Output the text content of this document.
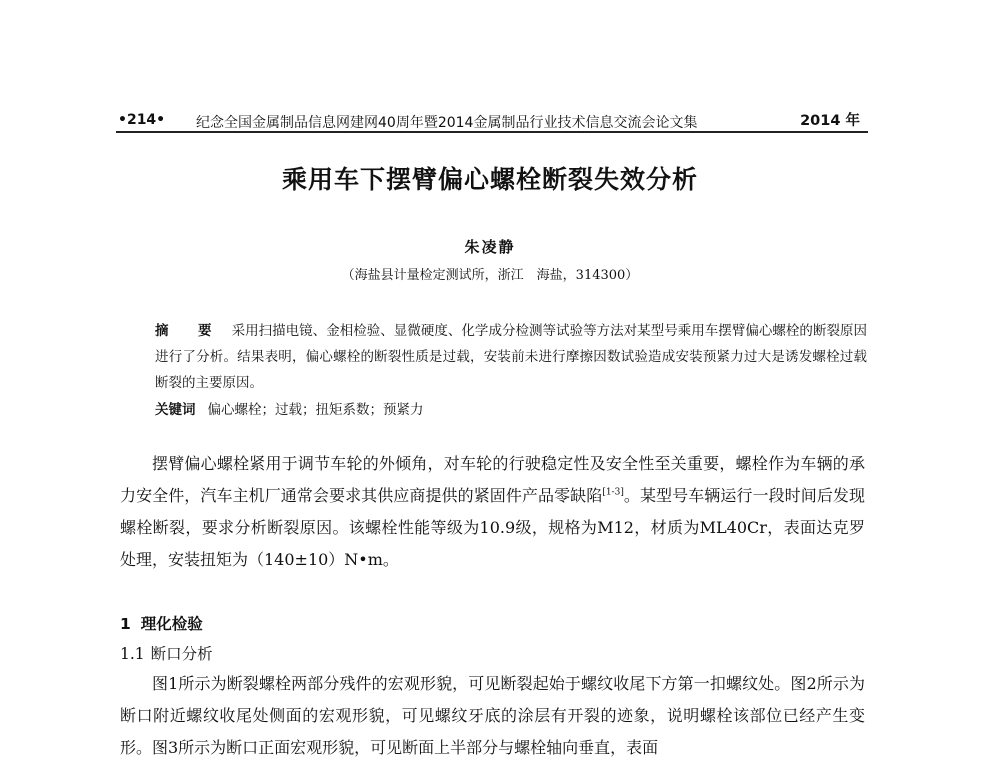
•214• 纪念全国金属制品信息网建网40周年暨2014金属制品行业技术信息交流会论文集	2014 年
乘用车下摆臂偏心螺栓断裂失效分析
朱凌静
（海盐县计量检定测试所，浙江　海盐，314300）
摘　要 采用扫描电镜、金相检验、显微硬度、化学成分检测等试验等方法对某型号乘用车摆臂偏心螺栓的断裂原因进行了分析。结果表明，偏心螺栓的断裂性质是过载，安装前未进行摩擦因数试验造成安装预紧力过大是诱发螺栓过载断裂的主要原因。
关键词 偏心螺栓；过载；扭矩系数；预紧力

摆臂偏心螺栓紧用于调节车轮的外倾角，对车轮的行驶稳定性及安全性至关重要，螺栓作为车辆的承力安全件，汽车主机厂通常会要求其供应商提供的紧固件产品零缺陷[1-3]。某型号车辆运行一段时间后发现螺栓断裂，要求分析断裂原因。该螺栓性能等级为10.9级，规格为M12，材质为ML40Cr，表面达克罗处理，安装扭矩为（140±10）N•m。

1 理化检验
1.1 断口分析

图1所示为断裂螺栓两部分残件的宏观形貌，可见断裂起始于螺纹收尾下方第一扣螺纹处。图2所示为断口附近螺纹收尾处侧面的宏观形貌，可见螺纹牙底的涂层有开裂的迹象，说明螺栓该部位已经产生变形。图3所示为断口正面宏观形貌，可见断面上半部分与螺栓轴向垂直，表面
